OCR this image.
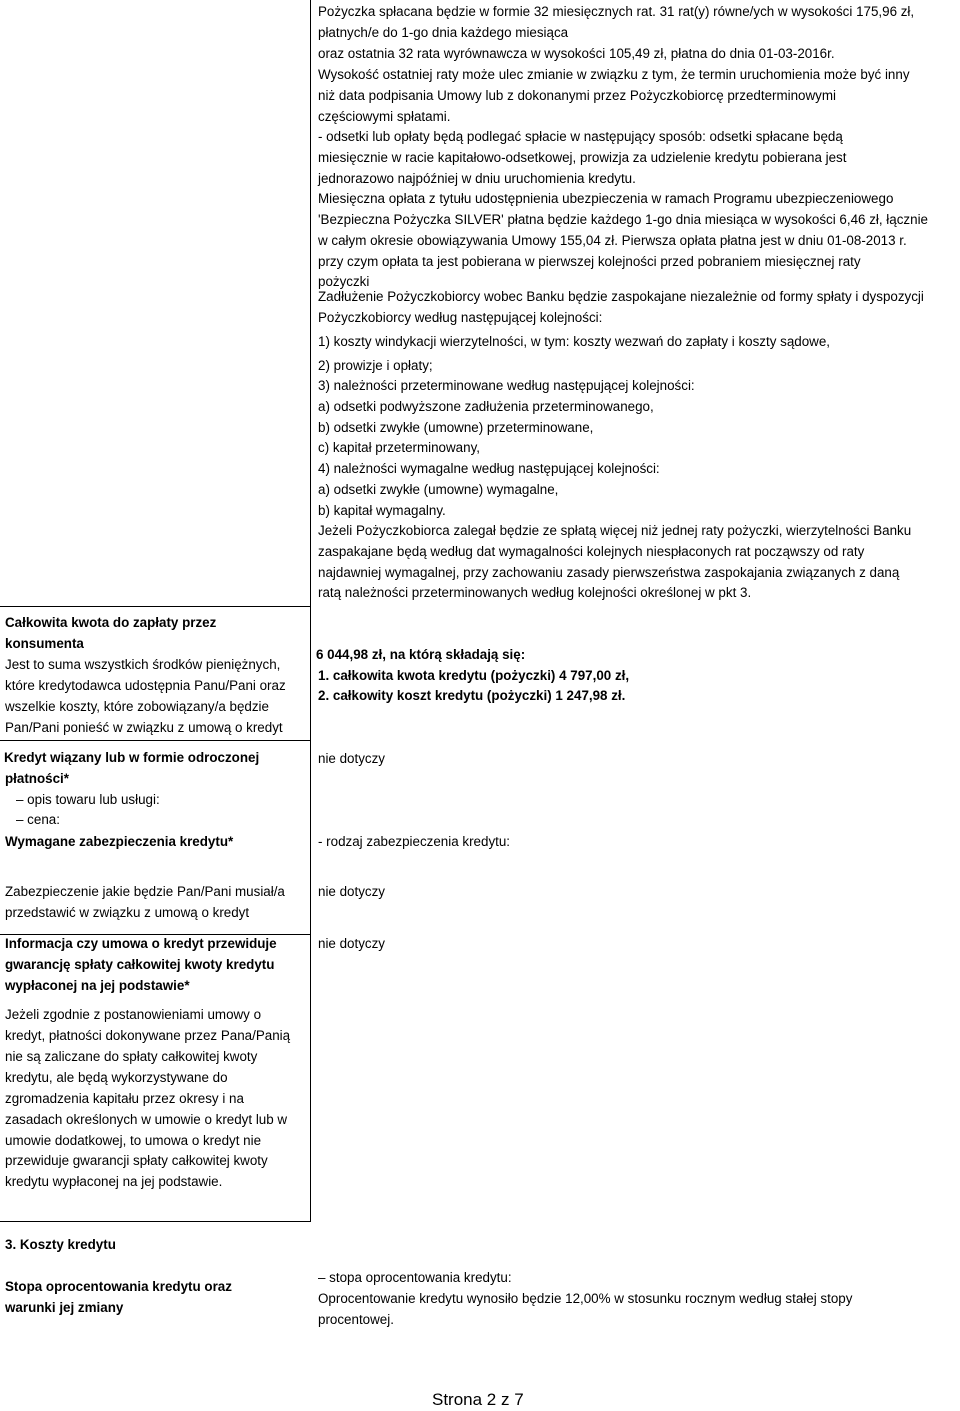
Pożyczka spłacana będzie w formie 32 miesięcznych rat. 31 rat(y) równe/ych w wysokości 175,96 zł,
płatnych/e do 1-go dnia każdego miesiąca
oraz ostatnia 32 rata wyrównawcza w wysokości 105,49 zł, płatna do dnia 01-03-2016r.
Wysokość ostatniej raty może ulec zmianie w związku z tym, że termin uruchomienia może być inny
niż data podpisania Umowy lub z dokonanymi przez Pożyczkobiorcę przedterminowymi
częściowymi spłatami.
- odsetki lub opłaty będą podlegać spłacie w następujący sposób: odsetki spłacane będą
miesięcznie w racie kapitałowo-odsetkowej, prowizja za udzielenie kredytu pobierana jest
jednorazowo najpóźniej w dniu uruchomienia kredytu.
Miesięczna opłata z tytułu udostępnienia ubezpieczenia w ramach Programu ubezpieczeniowego
'Bezpieczna Pożyczka SILVER' płatna będzie każdego 1-go dnia miesiąca w wysokości 6,46 zł, łącznie
w całym okresie obowiązywania Umowy 155,04 zł. Pierwsza opłata płatna jest w dniu 01-08-2013 r.
przy czym opłata ta jest pobierana w pierwszej kolejności przed pobraniem miesięcznej raty
pożyczki
Zadłużenie Pożyczkobiorcy wobec Banku będzie zaspokajane niezależnie od formy spłaty i dyspozycji
Pożyczkobiorcy według następującej kolejności:
1) koszty windykacji wierzytelności, w tym: koszty wezwań do zapłaty i koszty sądowe,
2) prowizje i opłaty;
3) należności przeterminowane według następującej kolejności:
a) odsetki podwyższone zadłużenia przeterminowanego,
b) odsetki zwykłe (umowne) przeterminowane,
c) kapitał przeterminowany,
4) należności wymagalne według następującej kolejności:
a) odsetki zwykłe (umowne) wymagalne,
b) kapitał wymagalny.
Jeżeli Pożyczkobiorca zalegał będzie ze spłatą więcej niż jednej raty pożyczki, wierzytelności Banku
zaspakajane będą według dat wymagalności kolejnych niespłaconych rat począwszy od raty
najdawniej wymagalnej, przy zachowaniu zasady pierwszeństwa zaspokajania związanych z daną
ratą należności przeterminowanych według kolejności określonej w pkt 3.
Całkowita kwota do zapłaty przez
konsumenta
Jest to suma wszystkich środków pieniężnych,
które kredytodawca udostępnia Panu/Pani oraz
wszelkie koszty, które zobowiązany/a będzie
Pan/Pani ponieść w związku z umową o kredyt
6 044,98 zł, na którą składają się:
1. całkowita kwota kredytu (pożyczki) 4 797,00 zł,
2. całkowity koszt kredytu (pożyczki) 1 247,98 zł.
Kredyt wiązany lub w formie odroczonej
płatności*
– opis towaru lub usługi:
– cena:
nie dotyczy
Wymagane zabezpieczenia kredytu*	- rodzaj zabezpieczenia kredytu:
Zabezpieczenie jakie będzie Pan/Pani musiał/a
przedstawić w związku z umową o kredyt
nie dotyczy
Informacja czy umowa o kredyt przewiduje
gwarancję spłaty całkowitej kwoty kredytu
wypłaconej na jej podstawie*
Jeżeli zgodnie z postanowieniami umowy o
kredyt, płatności dokonywane przez Pana/Panią
nie są zaliczane do spłaty całkowitej kwoty
kredytu, ale będą wykorzystywane do
zgromadzenia kapitału przez okresy i na
zasadach określonych w umowie o kredyt lub w
umowie dodatkowej, to umowa o kredyt nie
przewiduje gwarancji spłaty całkowitej kwoty
kredytu wypłaconej na jej podstawie.
nie dotyczy
3. Koszty kredytu
Stopa oprocentowania kredytu oraz
warunki jej zmiany
– stopa oprocentowania kredytu:
Oprocentowanie kredytu wynosiło będzie 12,00% w stosunku rocznym według stałej stopy
procentowej.
Strona 2 z 7
